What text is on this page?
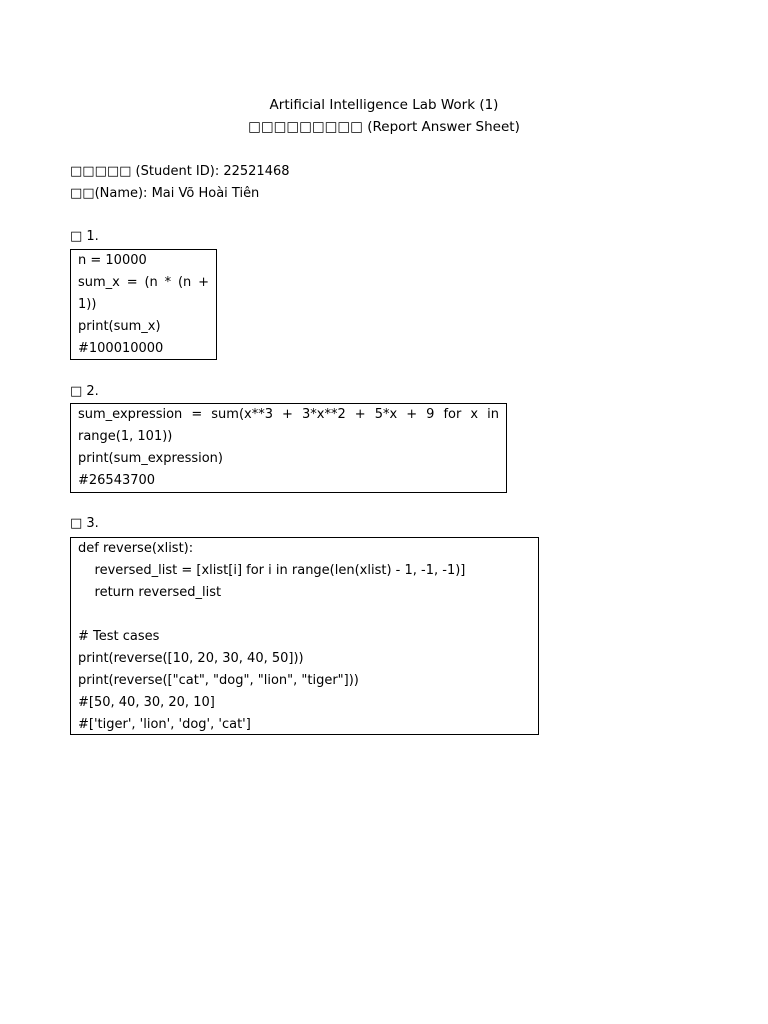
Artificial Intelligence Lab Work (1)
□□□□□□□□□ (Report Answer Sheet)
□□□□□ (Student ID): 22521468
□□(Name): Mai Võ Hoài Tiên
□ 1.
n = 10000
sum_x = (n * (n +
1))
print(sum_x)
#100010000
□ 2.
sum_expression = sum(x**3 + 3*x**2 + 5*x + 9 for x in
range(1, 101))
print(sum_expression)
#26543700
□ 3.
def reverse(xlist):
reversed_list = [xlist[i] for i in range(len(xlist) - 1, -1, -1)]
return reversed_list
# Test cases
print(reverse([10, 20, 30, 40, 50]))
print(reverse(["cat", "dog", "lion", "tiger"]))
#[50, 40, 30, 20, 10]
#['tiger', 'lion', 'dog', 'cat']
